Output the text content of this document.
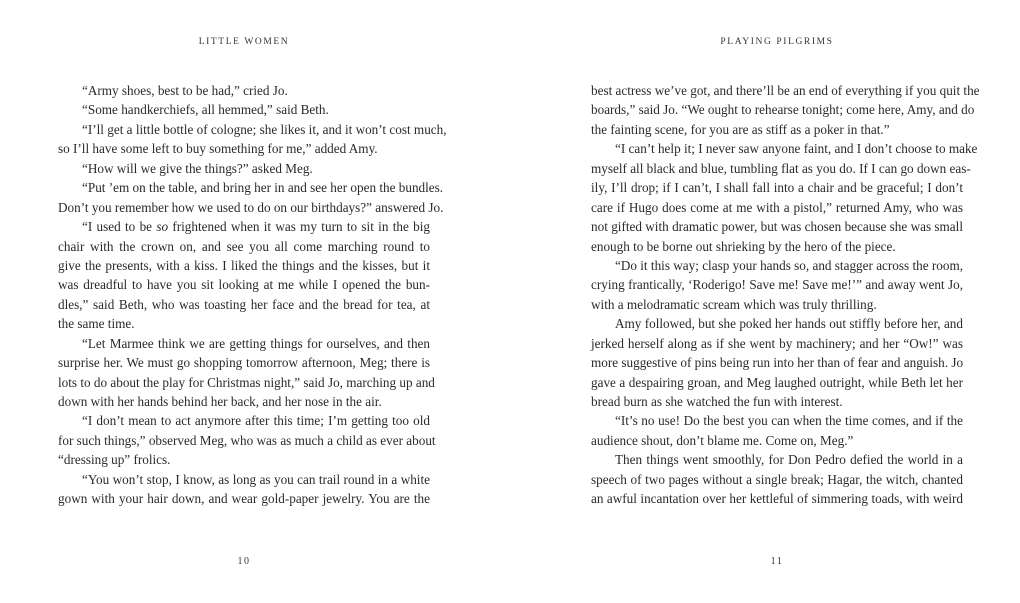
LITTLE WOMEN
“Army shoes, best to be had,” cried Jo.
“Some handkerchiefs, all hemmed,” said Beth.
“I’ll get a little bottle of cologne; she likes it, and it won’t cost much,
so I’ll have some left to buy something for me,” added Amy.
“How will we give the things?” asked Meg.
“Put ’em on the table, and bring her in and see her open the bundles.
Don’t you remember how we used to do on our birthdays?” answered Jo.
“I used to be so frightened when it was my turn to sit in the big
chair with the crown on, and see you all come marching round to
give the presents, with a kiss. I liked the things and the kisses, but it
was dreadful to have you sit looking at me while I opened the bun-
dles,” said Beth, who was toasting her face and the bread for tea, at
the same time.
“Let Marmee think we are getting things for ourselves, and then
surprise her. We must go shopping tomorrow afternoon, Meg; there is
lots to do about the play for Christmas night,” said Jo, marching up and
down with her hands behind her back, and her nose in the air.
“I don’t mean to act anymore after this time; I’m getting too old
for such things,” observed Meg, who was as much a child as ever about
“dressing up” frolics.
“You won’t stop, I know, as long as you can trail round in a white
gown with your hair down, and wear gold-paper jewelry. You are the
10
PLAYING PILGRIMS
best actress we’ve got, and there’ll be an end of everything if you quit the
boards,” said Jo. “We ought to rehearse tonight; come here, Amy, and do
the fainting scene, for you are as stiff as a poker in that.”
“I can’t help it; I never saw anyone faint, and I don’t choose to make
myself all black and blue, tumbling flat as you do. If I can go down eas-
ily, I’ll drop; if I can’t, I shall fall into a chair and be graceful; I don’t
care if Hugo does come at me with a pistol,” returned Amy, who was
not gifted with dramatic power, but was chosen because she was small
enough to be borne out shrieking by the hero of the piece.
“Do it this way; clasp your hands so, and stagger across the room,
crying frantically, ‘Roderigo! Save me! Save me!’” and away went Jo,
with a melodramatic scream which was truly thrilling.
Amy followed, but she poked her hands out stiffly before her, and
jerked herself along as if she went by machinery; and her “Ow!” was
more suggestive of pins being run into her than of fear and anguish. Jo
gave a despairing groan, and Meg laughed outright, while Beth let her
bread burn as she watched the fun with interest.
“It’s no use! Do the best you can when the time comes, and if the
audience shout, don’t blame me. Come on, Meg.”
Then things went smoothly, for Don Pedro defied the world in a
speech of two pages without a single break; Hagar, the witch, chanted
an awful incantation over her kettleful of simmering toads, with weird
11
